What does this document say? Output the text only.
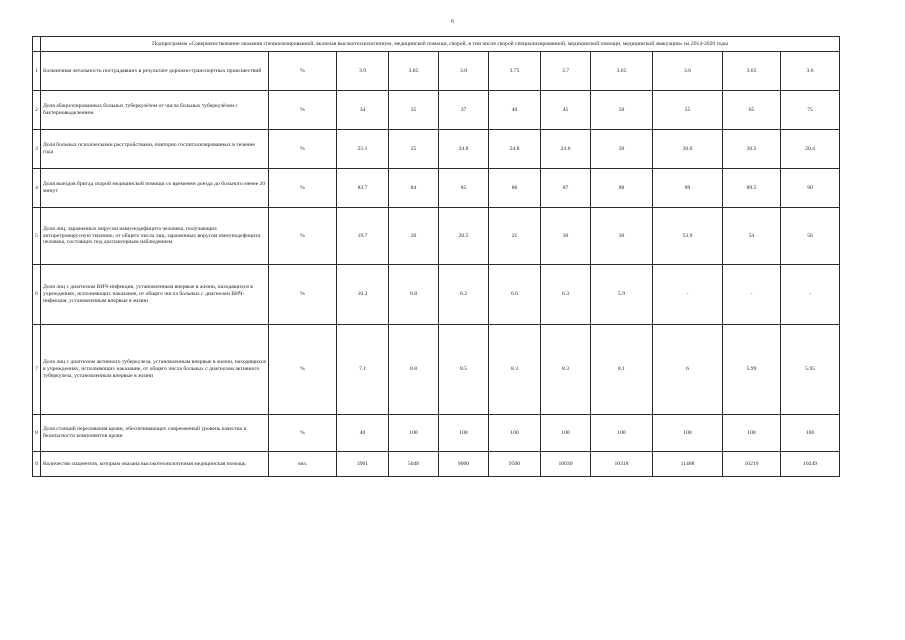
6
	Подпрограмма «Совершенствование оказания специализированной, включая высокотехнологичную, медицинской помощи, скорой, в том числе скорой специализированной, медицинской помощи, медицинской эвакуации» на 2014-2020 годы										
1	Больничная летальность пострадавших в результате дорожно-транспортных происшествий	%	3.9	3.85	3.8	3.75	3.7	3.65	3.6	3.65	3.6
2	Доля абациллированных больных туберкулёзом от числа больных туберкулёзом с бактериовыделением	%	34	35	37	40	45	50	55	65	75
3	Доля больных психическими расстройствами, повторно госпитализированных в течение года	%	25.1	25	24.8	24.8	24.6	20	20.6	20.5	20.4
4	Доля выездов бригад скорой медицинской помощи со временем доезда до больного менее 20 минут	%	83.7	84	85	86	87	88	89	89.5	90
5	Доля лиц, зараженных вирусом иммунодефицита человека, получающих антиретровирусную терапию, от общего числа лиц, зараженных вирусом иммунодефицита человека, состоящих под диспансерным наблюдением	%	19.7	20	20.5	21	30	30	53.9	54	56
6	Доля лиц с диагнозом ВИЧ-инфекция, установленным впервые в жизни, находящихся в учреждениях, исполняющих наказание, от общего числа больных с диагнозом ВИЧ-инфекция, установленным впервые в жизни	%	10.2	6.8	6.2	6.6	6.3	5.9	-	-	-
7	Доля лиц с диагнозом активного туберкулеза, установленным впервые в жизни, находящихся в учреждениях, исполняющих наказание, от общего числа больных с диагнозом активного туберкулеза, установленным впервые в жизни	%	7.1	8.8	8.5	8.3	8.3	8.1	6	5.99	5.95
8	Доля станций переливания крови, обеспечивающих современный уровень качества и безопасности компонентов крови	%	40	100	100	100	100	100	100	100	100
9	Количество пациентов, которым оказана высокотехнологичная медицинская помощь	чел.	3901	5048	9060	9500	10030	10318	11468	10219	10249
